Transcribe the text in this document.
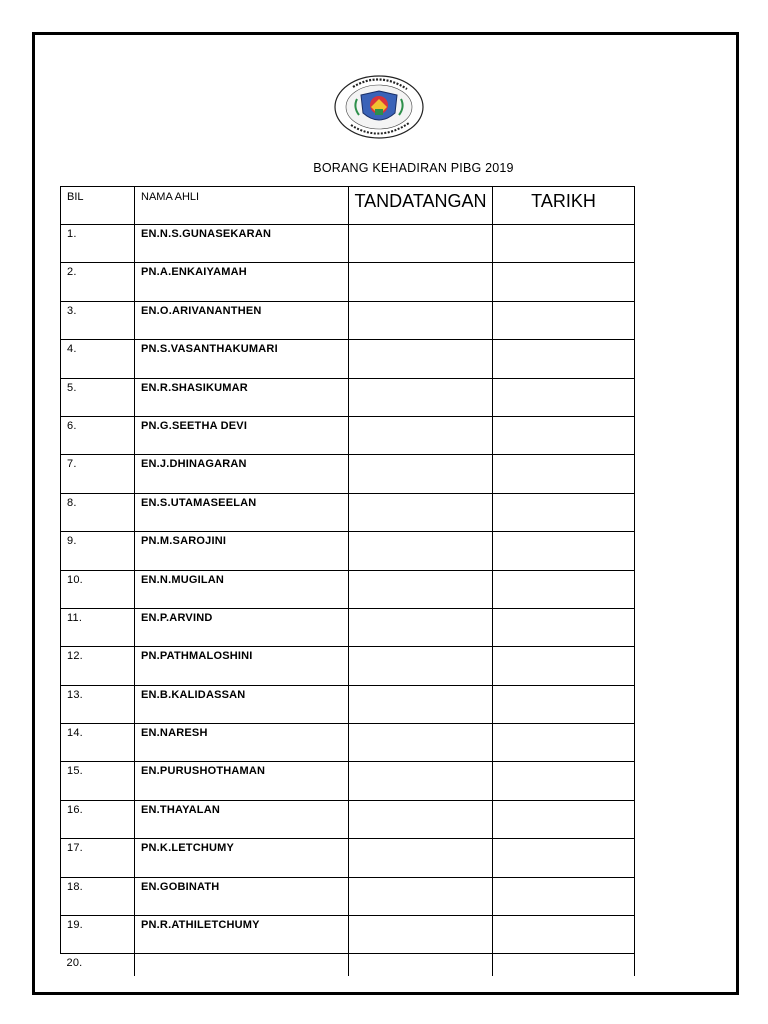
BORANG KEHADIRAN PIBG 2019
BIL	NAMA AHLI	TANDATANGAN	TARIKH

1.	EN.N.S.GUNASEKARAN		

2.	PN.A.ENKAIYAMAH		

3.	EN.O.ARIVANANTHEN		

4.	PN.S.VASANTHAKUMARI		

5.	EN.R.SHASIKUMAR		

6.	PN.G.SEETHA DEVI		

7.	EN.J.DHINAGARAN		

8.	EN.S.UTAMASEELAN		

9.	PN.M.SAROJINI		

10.	EN.N.MUGILAN		

11.	EN.P.ARVIND		

12.	PN.PATHMALOSHINI		

13.	EN.B.KALIDASSAN		

14.	EN.NARESH		

15.	EN.PURUSHOTHAMAN		

16.	EN.THAYALAN		

17.	PN.K.LETCHUMY		

18.	EN.GOBINATH		

19.	PN.R.ATHILETCHUMY		

20.			
